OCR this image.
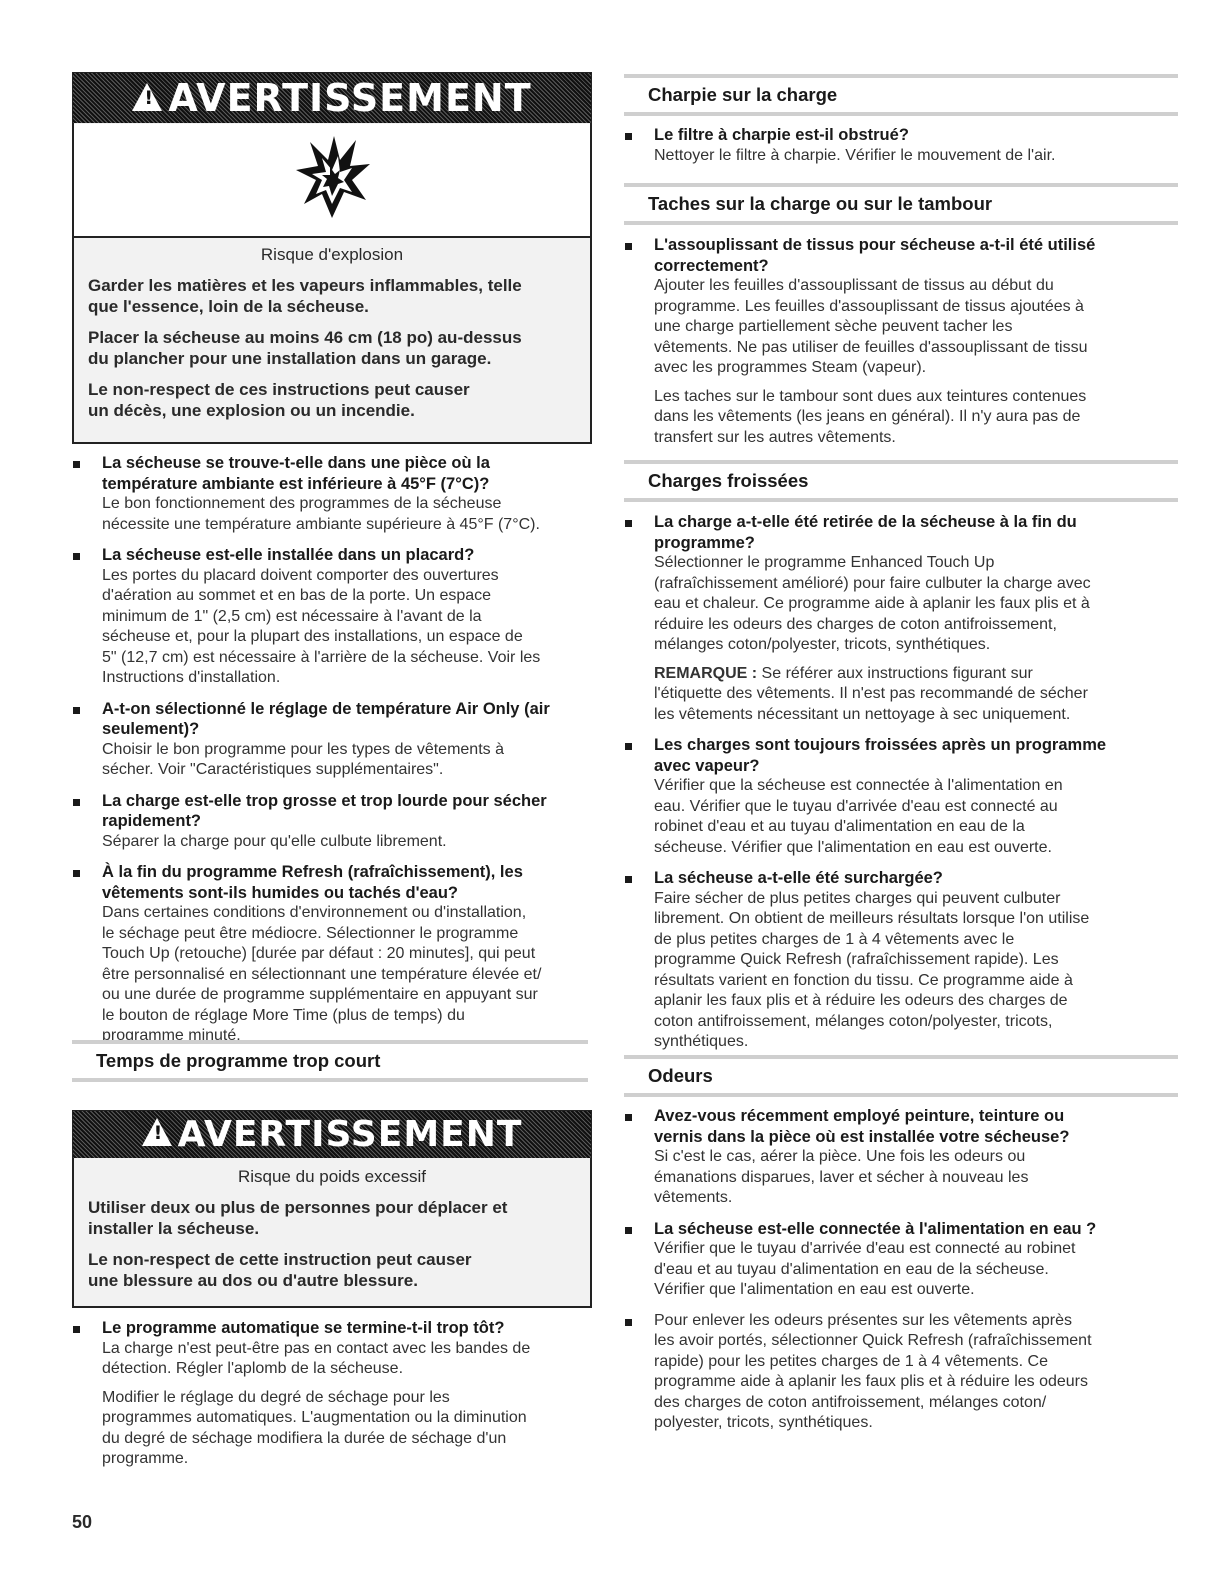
! AVERTISSEMENT
Risque d'explosion
Garder les matières et les vapeurs inflammables, telle
que l'essence, loin de la sécheuse.
Placer la sécheuse au moins 46 cm (18 po) au-dessus
du plancher pour une installation dans un garage.
Le non-respect de ces instructions peut causer
un décès, une explosion ou un incendie.
La sécheuse se trouve-t-elle dans une pièce où la
température ambiante est inférieure à 45°F (7°C)?
Le bon fonctionnement des programmes de la sécheuse
nécessite une température ambiante supérieure à 45°F (7°C).
La sécheuse est-elle installée dans un placard?
Les portes du placard doivent comporter des ouvertures
d'aération au sommet et en bas de la porte. Un espace
minimum de 1" (2,5 cm) est nécessaire à l'avant de la
sécheuse et, pour la plupart des installations, un espace de
5" (12,7 cm) est nécessaire à l'arrière de la sécheuse. Voir les
Instructions d'installation.
A-t-on sélectionné le réglage de température Air Only (air
seulement)?
Choisir le bon programme pour les types de vêtements à
sécher. Voir "Caractéristiques supplémentaires".
La charge est-elle trop grosse et trop lourde pour sécher
rapidement?
Séparer la charge pour qu'elle culbute librement.
À la fin du programme Refresh (rafraîchissement), les
vêtements sont-ils humides ou tachés d'eau?
Dans certaines conditions d'environnement ou d'installation,
le séchage peut être médiocre. Sélectionner le programme
Touch Up (retouche) [durée par défaut : 20 minutes], qui peut
être personnalisé en sélectionnant une température élevée et/
ou une durée de programme supplémentaire en appuyant sur
le bouton de réglage More Time (plus de temps) du
programme minuté.
Temps de programme trop court
! AVERTISSEMENT
Risque du poids excessif
Utiliser deux ou plus de personnes pour déplacer et
installer la sécheuse.
Le non-respect de cette instruction peut causer
une blessure au dos ou d'autre blessure.
Le programme automatique se termine-t-il trop tôt?
La charge n'est peut-être pas en contact avec les bandes de
détection. Régler l'aplomb de la sécheuse.
Modifier le réglage du degré de séchage pour les
programmes automatiques. L'augmentation ou la diminution
du degré de séchage modifiera la durée de séchage d'un
programme.
50
Charpie sur la charge
Le filtre à charpie est-il obstrué?
Nettoyer le filtre à charpie. Vérifier le mouvement de l'air.
Taches sur la charge ou sur le tambour
L'assouplissant de tissus pour sécheuse a-t-il été utilisé
correctement?
Ajouter les feuilles d'assouplissant de tissus au début du
programme. Les feuilles d'assouplissant de tissus ajoutées à
une charge partiellement sèche peuvent tacher les
vêtements. Ne pas utiliser de feuilles d'assouplissant de tissu
avec les programmes Steam (vapeur).
Les taches sur le tambour sont dues aux teintures contenues
dans les vêtements (les jeans en général). Il n'y aura pas de
transfert sur les autres vêtements.
Charges froissées
La charge a-t-elle été retirée de la sécheuse à la fin du
programme?
Sélectionner le programme Enhanced Touch Up
(rafraîchissement amélioré) pour faire culbuter la charge avec
eau et chaleur. Ce programme aide à aplanir les faux plis et à
réduire les odeurs des charges de coton antifroissement,
mélanges coton/polyester, tricots, synthétiques.
REMARQUE : Se référer aux instructions figurant sur
l'étiquette des vêtements. Il n'est pas recommandé de sécher
les vêtements nécessitant un nettoyage à sec uniquement.
Les charges sont toujours froissées après un programme
avec vapeur?
Vérifier que la sécheuse est connectée à l'alimentation en
eau. Vérifier que le tuyau d'arrivée d'eau est connecté au
robinet d'eau et au tuyau d'alimentation en eau de la
sécheuse. Vérifier que l'alimentation en eau est ouverte.
La sécheuse a-t-elle été surchargée?
Faire sécher de plus petites charges qui peuvent culbuter
librement. On obtient de meilleurs résultats lorsque l'on utilise
de plus petites charges de 1 à 4 vêtements avec le
programme Quick Refresh (rafraîchissement rapide). Les
résultats varient en fonction du tissu. Ce programme aide à
aplanir les faux plis et à réduire les odeurs des charges de
coton antifroissement, mélanges coton/polyester, tricots,
synthétiques.
Odeurs
Avez-vous récemment employé peinture, teinture ou
vernis dans la pièce où est installée votre sécheuse?
Si c'est le cas, aérer la pièce. Une fois les odeurs ou
émanations disparues, laver et sécher à nouveau les
vêtements.
La sécheuse est-elle connectée à l'alimentation en eau ?
Vérifier que le tuyau d'arrivée d'eau est connecté au robinet
d'eau et au tuyau d'alimentation en eau de la sécheuse.
Vérifier que l'alimentation en eau est ouverte.
Pour enlever les odeurs présentes sur les vêtements après
les avoir portés, sélectionner Quick Refresh (rafraîchissement
rapide) pour les petites charges de 1 à 4 vêtements. Ce
programme aide à aplanir les faux plis et à réduire les odeurs
des charges de coton antifroissement, mélanges coton/
polyester, tricots, synthétiques.
